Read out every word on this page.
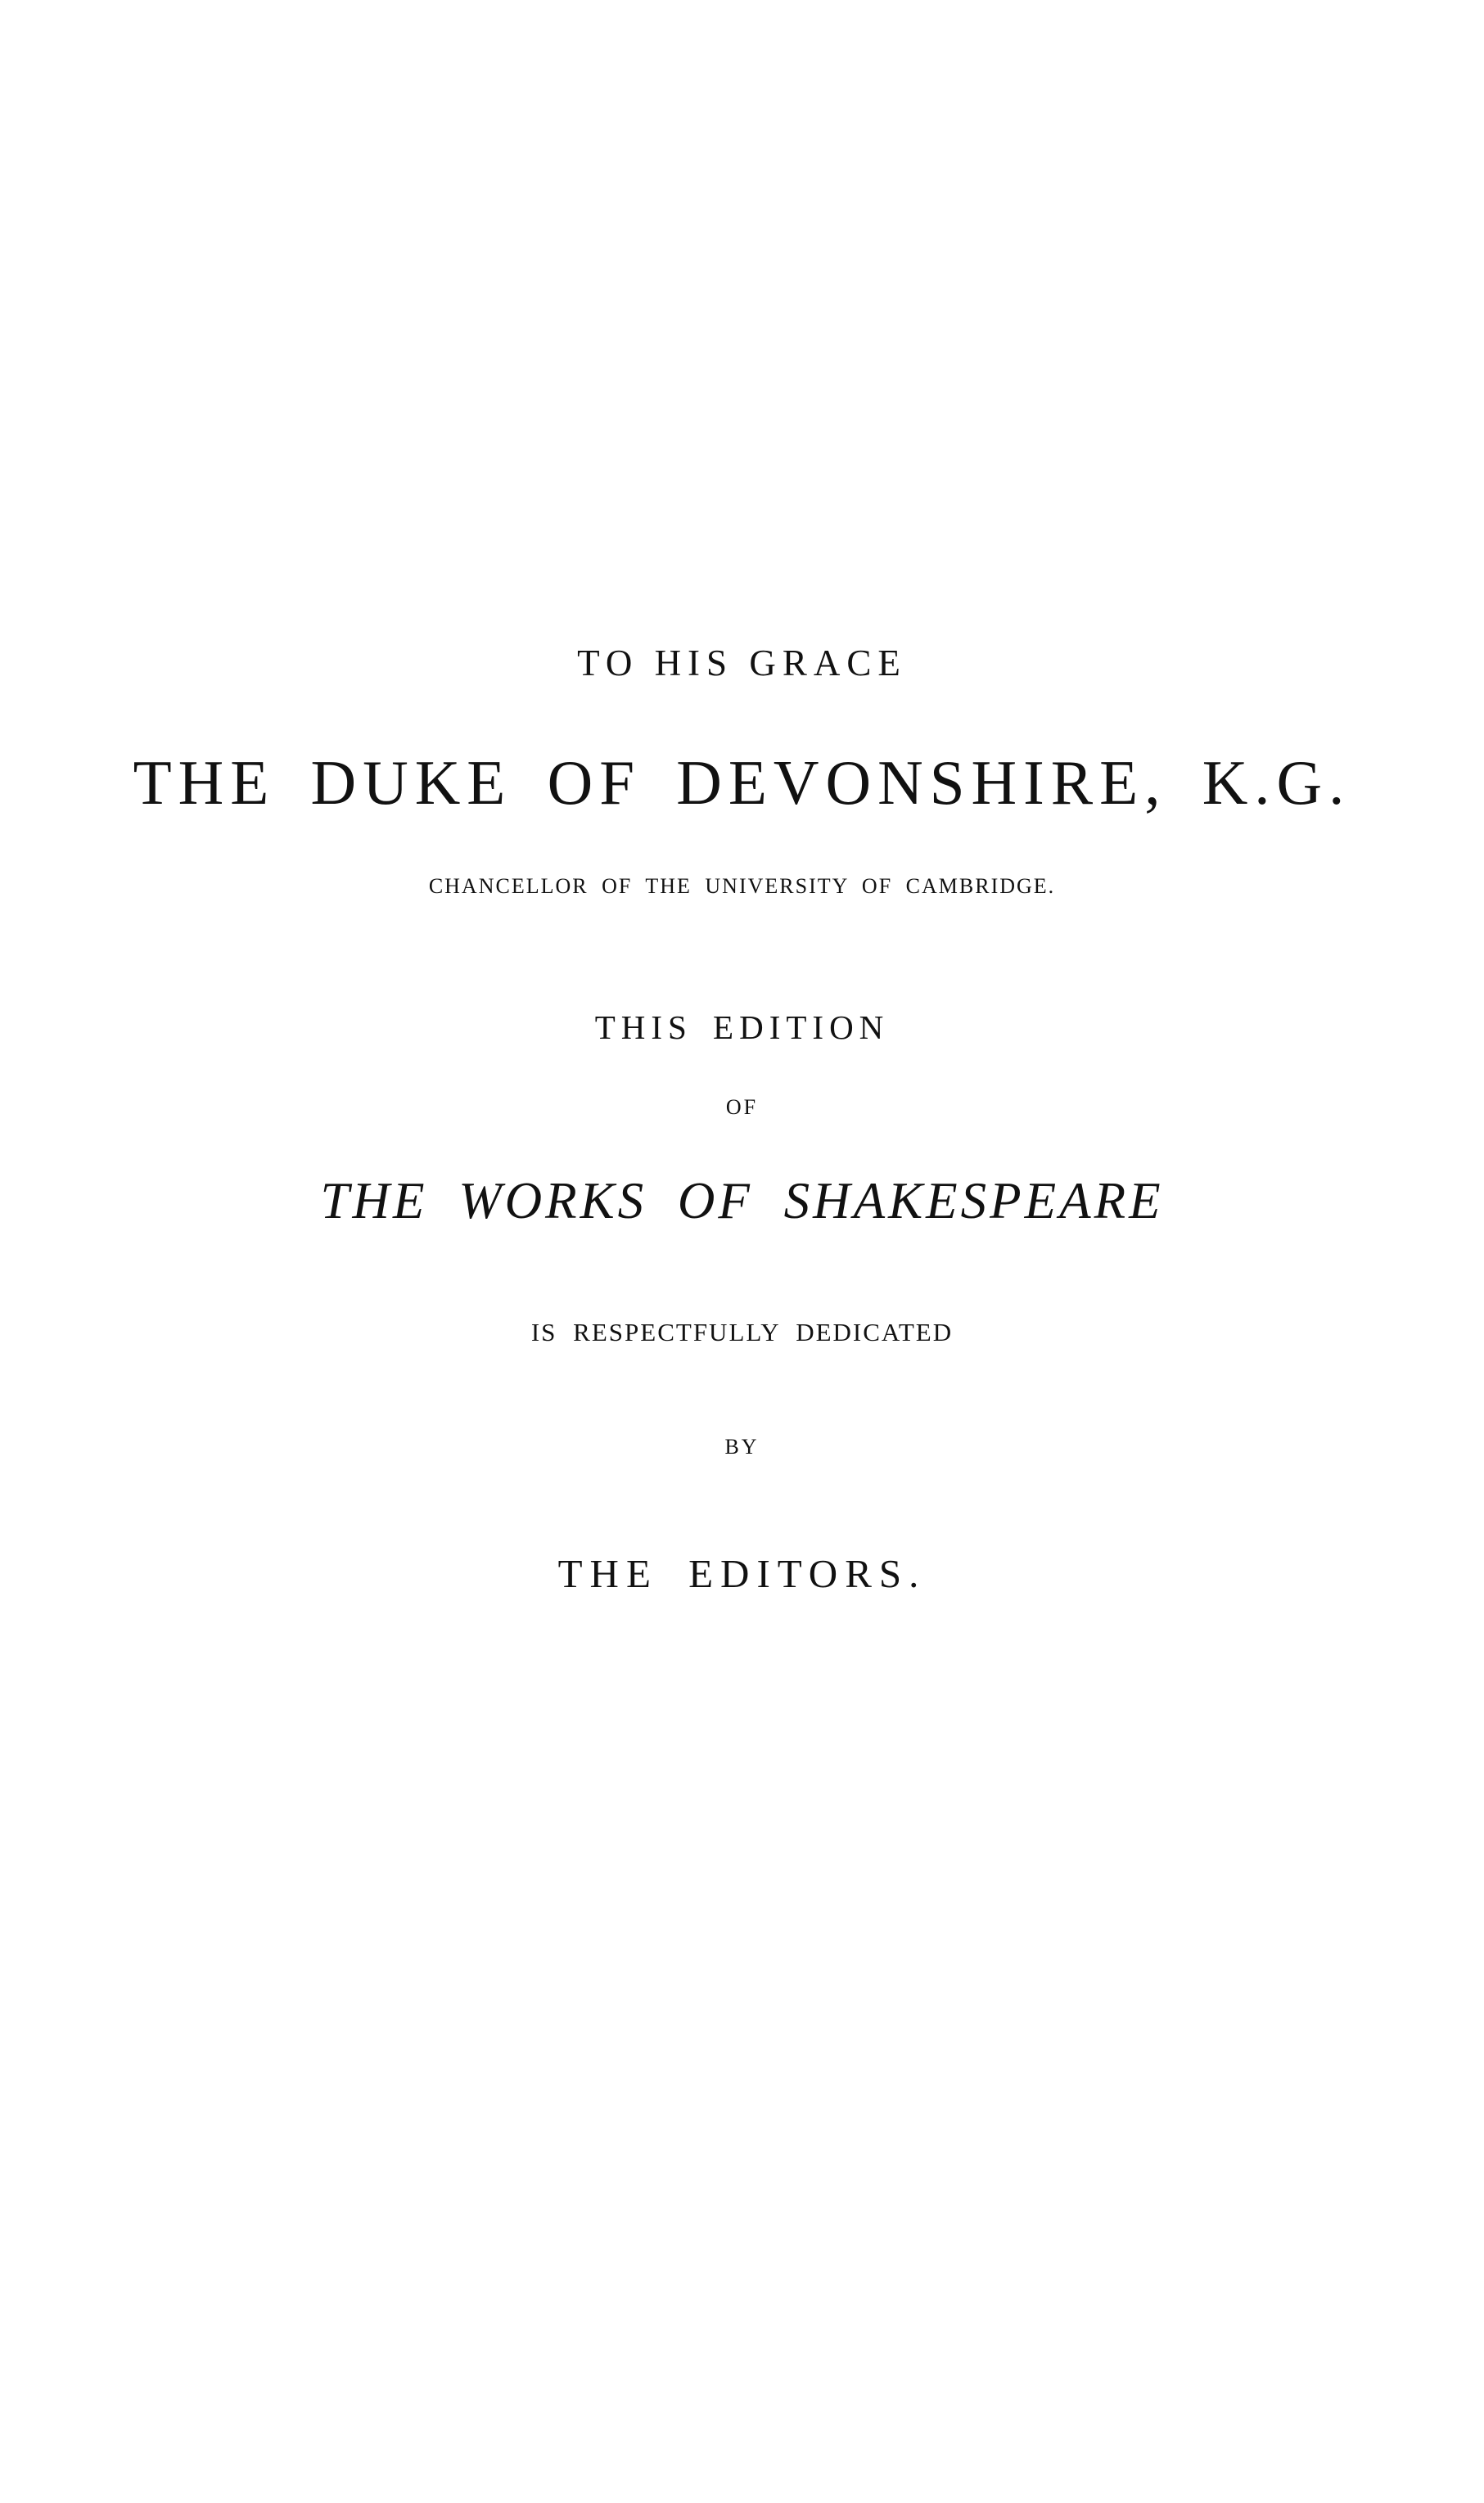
TO HIS GRACE
THE DUKE OF DEVONSHIRE, K.G.
CHANCELLOR OF THE UNIVERSITY OF CAMBRIDGE.
THIS EDITION
OF
THE WORKS OF SHAKESPEARE
IS RESPECTFULLY DEDICATED
BY
THE EDITORS.
